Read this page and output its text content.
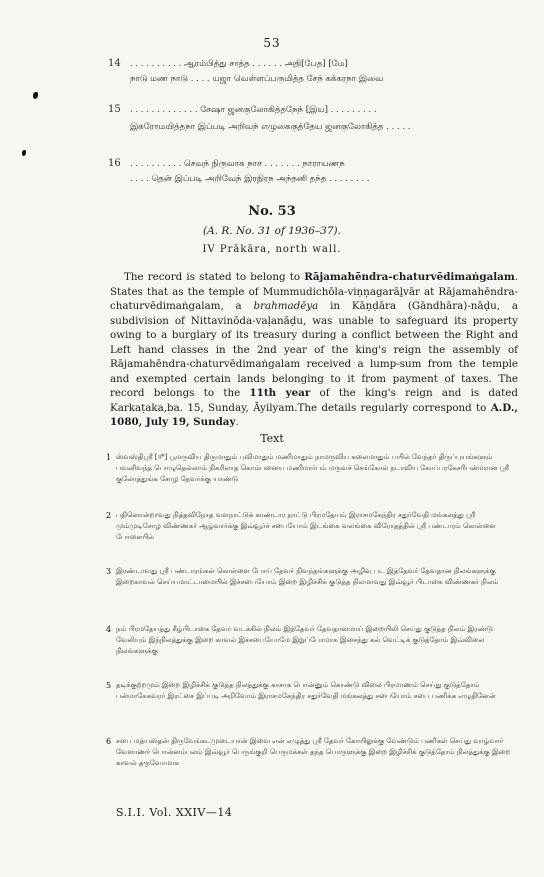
53
14 . . . . . . . . . . ஆரம்பித்து சாத்த . . . . . . அதி[பேத] [மே]
நாடு மண நாடு . . . . யஜா வெள்ளப்பருமித்த சேந் கக்கரநா இவை
15 . . . . . . . . . . . . . சேஷா ஜனகுலோகித்தநேந் [இய] . . . . . . . . .
இகரோமயித்தநா இப்படி அறிவந் எழுகைகுத்தேய ஜனகுலோகித்த . . . . .
16 . . . . . . . . . . செவந் நிருவாக நாச . . . . . . . நாராயணந
. . . . தென் இப்படி அறிவேந் இரநிரந அந்தனி தந்த . . . . . . . .
No. 53
(A. R. No. 31 of 1936–37).
IV Prākāra, north wall.
The record is stated to belong to Rājamahēndra-chaturvēdimaṅgalam. States that as the temple of Mummudichōla-viṇṇagarāḻvār at Rājamahēndra-chaturvēdimaṅgalam, a brahmadēya in Kāṇḍāra (Gāndhāra)-nāḍu, a subdivision of Nittavinōda-vaḷanāḍu, was unable to safeguard its property owing to a burglary of its treasury during a conflict between the Right and Left hand classes in the 2nd year of the king's reign the assembly of Rājamahēndra-chaturvēdimaṅgalam received a lump-sum from the temple and exempted certain lands belonging to it from payment of taxes. The record belongs to the 11th year of the king's reign and is dated Karkaṭaka,ba. 15, Sunday, Āyilyam.The details regularly correspond to A.D., 1080, July 19, Sunday.
Text
1 ஸ்வஸ்திஸ்ரீ [॥*] பூமருவிய திருமாதும் புவிமாதும் மணிமாதும் நாமருவிய கலைமாதும் பயில் வேந்தர் திருப்புயங்களும் பவனிவந்த பொழுதெல்லாம் நிகரிலாத கொம்பனைய மணிமார்பம் மருவச் செங்கோல் நடாவிய கோப்பரகேசரிபன்மரான ஸ்ரீ குலோத்துங்க சோழ தேவர்க்கு யாண்டு
2 பதினொன்றாவது நித்தவிநோத வளநாட்டுக் காண்டார நாட்டு பிரமதேயம் இராசமகேந்திர சதுர்வேதி மங்கலத்து ஸ்ரீ மும்முடிசோழ விண்ணகர் ஆழ்வார்க்கு இவ்வூர்ச் சபையோம் இடங்கை வலங்கை விரோதத்தில் ஸ்ரீ பண்டாரம் கொள்ளை போகையில்
3 இரண்டாவது ஸ்ரீ பண்டாரங்கள் கொள்ளை போய் தேவர் நிவந்தங்களுக்கு அழிவு பட இத்தேவர் தேவதான நிலங்களுக்கு இறைகாவல் செய்யமாட்டாமையில் இச்சபையோம் இறை இழிச்சிக் குடுத்த நிலமாவது இவ்வூர் பிடாகை விண்ணகர் நிலம்
4 நம் பிரமதேயத்து கீழ்பிடாகை தேவர் வடக்கில் நிலம் இத்தேவர் தேவதானமாய் இறையிலி செய்து குடுத்த நிலம் இரண்டு வேலியும் இந்நிலத்துக்கு இறை காவல் இச்சபையோமே இறுப்போமாக இசைந்து கல் வெட்டிக் குடுத்தோம் இவ்விலை நிலங்களுக்கு
5 தடிக்குற்றமும் இறை இழிச்சிக் குடுத்த நிலத்துக்கு காசாக பொன்னும் கொண்டு விலை பிரமாணம் செய்து குடுத்தோம் பன்மாகேசுவரர் இரட்சை இப்படி அறிவோம் இராசமகேந்திர சதுர்வேதி மங்கலத்து சபையோம் சபை பணிக்க எழுதினேன்
6 சபை மத்யஸ்தன் திருவேங்கடமுடையான் இவை என் எழுத்து ஸ்ரீ தேவர் கோயிலுக்கு வேண்டும் பணிகள் செய்து வாழ்வார் வேளாணர் பொன்னம்பலம் இவ்வூர் பெருங்குறி பெருமக்கள் தந்த பொருளுக்கு இறை இழிச்சிக் குடுத்தோம் நிலத்துக்கு இறை காவல் தருவோமாக
S.I.I. Vol. XXIV—14
